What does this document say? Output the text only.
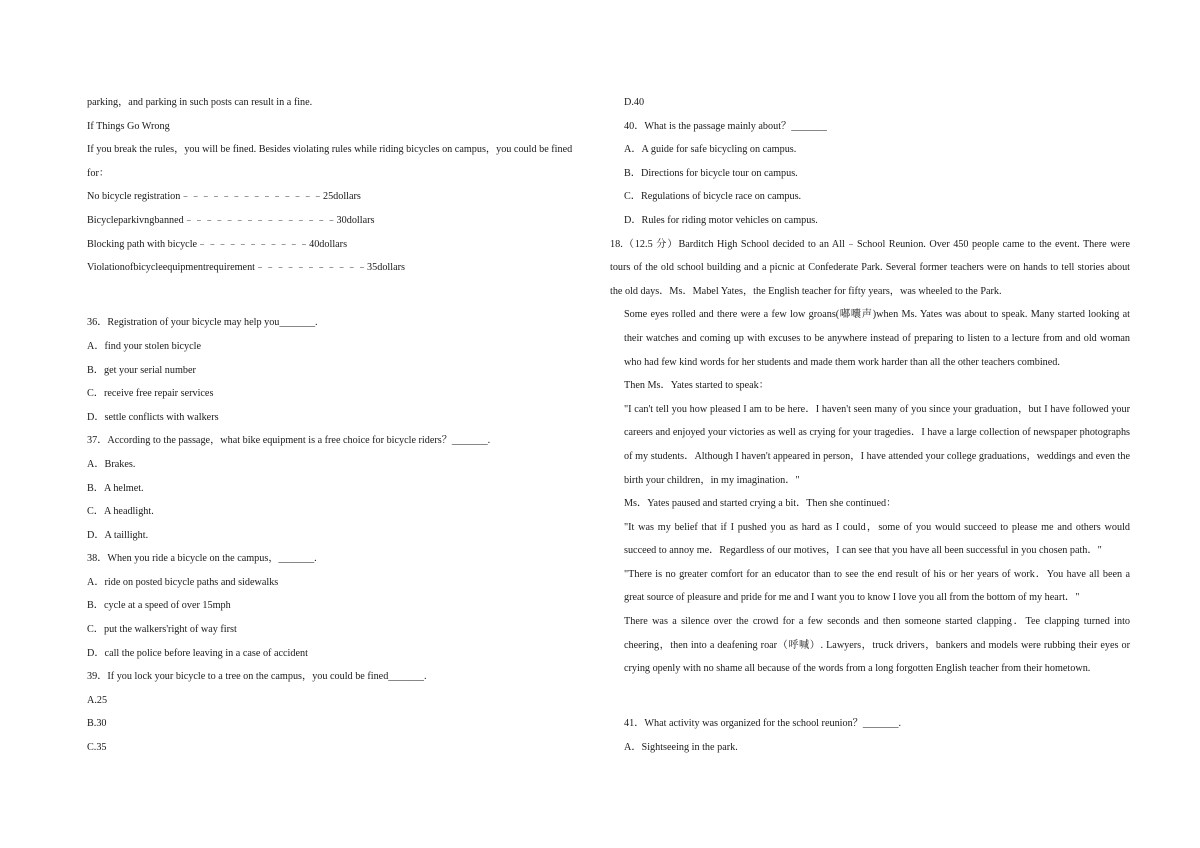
parking，and parking in such posts can result in a fine.
If Things Go Wrong
If you break the rules，you will be fined. Besides violating rules while riding bicycles on campus，you could be fined
for：
No bicycle registration﹣﹣﹣﹣﹣﹣﹣﹣﹣﹣﹣﹣﹣﹣25dollars
Bicycleparkivngbanned﹣﹣﹣﹣﹣﹣﹣﹣﹣﹣﹣﹣﹣﹣﹣30dollars
Blocking path with bicycle﹣﹣﹣﹣﹣﹣﹣﹣﹣﹣﹣40dollars
Violationofbicycleequipmentrequirement﹣﹣﹣﹣﹣﹣﹣﹣﹣﹣﹣35dollars
36．Registration of your bicycle may help you_______.
A．find your stolen bicycle
B．get your serial number
C．receive free repair services
D．settle conflicts with walkers
37．According to the passage，what bike equipment is a free choice for bicycle riders？_______.
A．Brakes.
B．A helmet.
C．A headlight.
D．A taillight.
38．When you ride a bicycle on the campus，_______.
A．ride on posted bicycle paths and sidewalks
B．cycle at a speed of over 15mph
C．put the walkers'right of way first
D．call the police before leaving in a case of accident
39．If you lock your bicycle to a tree on the campus，you could be fined_______.
A.25
B.30
C.35
D.40
40．What is the passage mainly about？_______
A．A guide for safe bicycling on campus.
B．Directions for bicycle tour on campus.
C．Regulations of bicycle race on campus.
D．Rules for riding motor vehicles on campus.
18.（12.5 分）Barditch High School decided to an All﹣School Reunion. Over 450 people came to the event. There were tours of the old school building and a picnic at Confederate Park. Several former teachers were on hands to tell stories about the old days．Ms．Mabel Yates，the English teacher for fifty years，was wheeled to the Park.
Some eyes rolled and there were a few low groans(嘟囔声)when Ms. Yates was about to speak. Many started looking at their watches and coming up with excuses to be anywhere instead of preparing to listen to a lecture from and old woman who had few kind words for her students and made them work harder than all the other teachers combined.
Then Ms．Yates started to speak：
"I can't tell you how pleased I am to be here．I haven't seen many of you since your graduation，but I have followed your careers and enjoyed your victories as well as crying for your tragedies．I have a large collection of newspaper photographs of my students．Although I haven't appeared in person，I have attended your college graduations，weddings and even the birth your children，in my imagination．"
Ms．Yates paused and started crying a bit．Then she continued：
"It was my belief that if I pushed you as hard as I could，some of you would succeed to please me and others would succeed to annoy me．Regardless of our motives，I can see that you have all been successful in you chosen path．"
"There is no greater comfort for an educator than to see the end result of his or her years of work．You have all been a great source of pleasure and pride for me and I want you to know I love you all from the bottom of my heart．"
There was a silence over the crowd for a few seconds and then someone started clapping．Tee clapping turned into cheering，then into a deafening roar（呼喊）. Lawyers，truck drivers，bankers and models were rubbing their eyes or crying openly with no shame all because of the words from a long forgotten English teacher from their hometown.
41．What activity was organized for the school reunion？_______.
A．Sightseeing in the park.
